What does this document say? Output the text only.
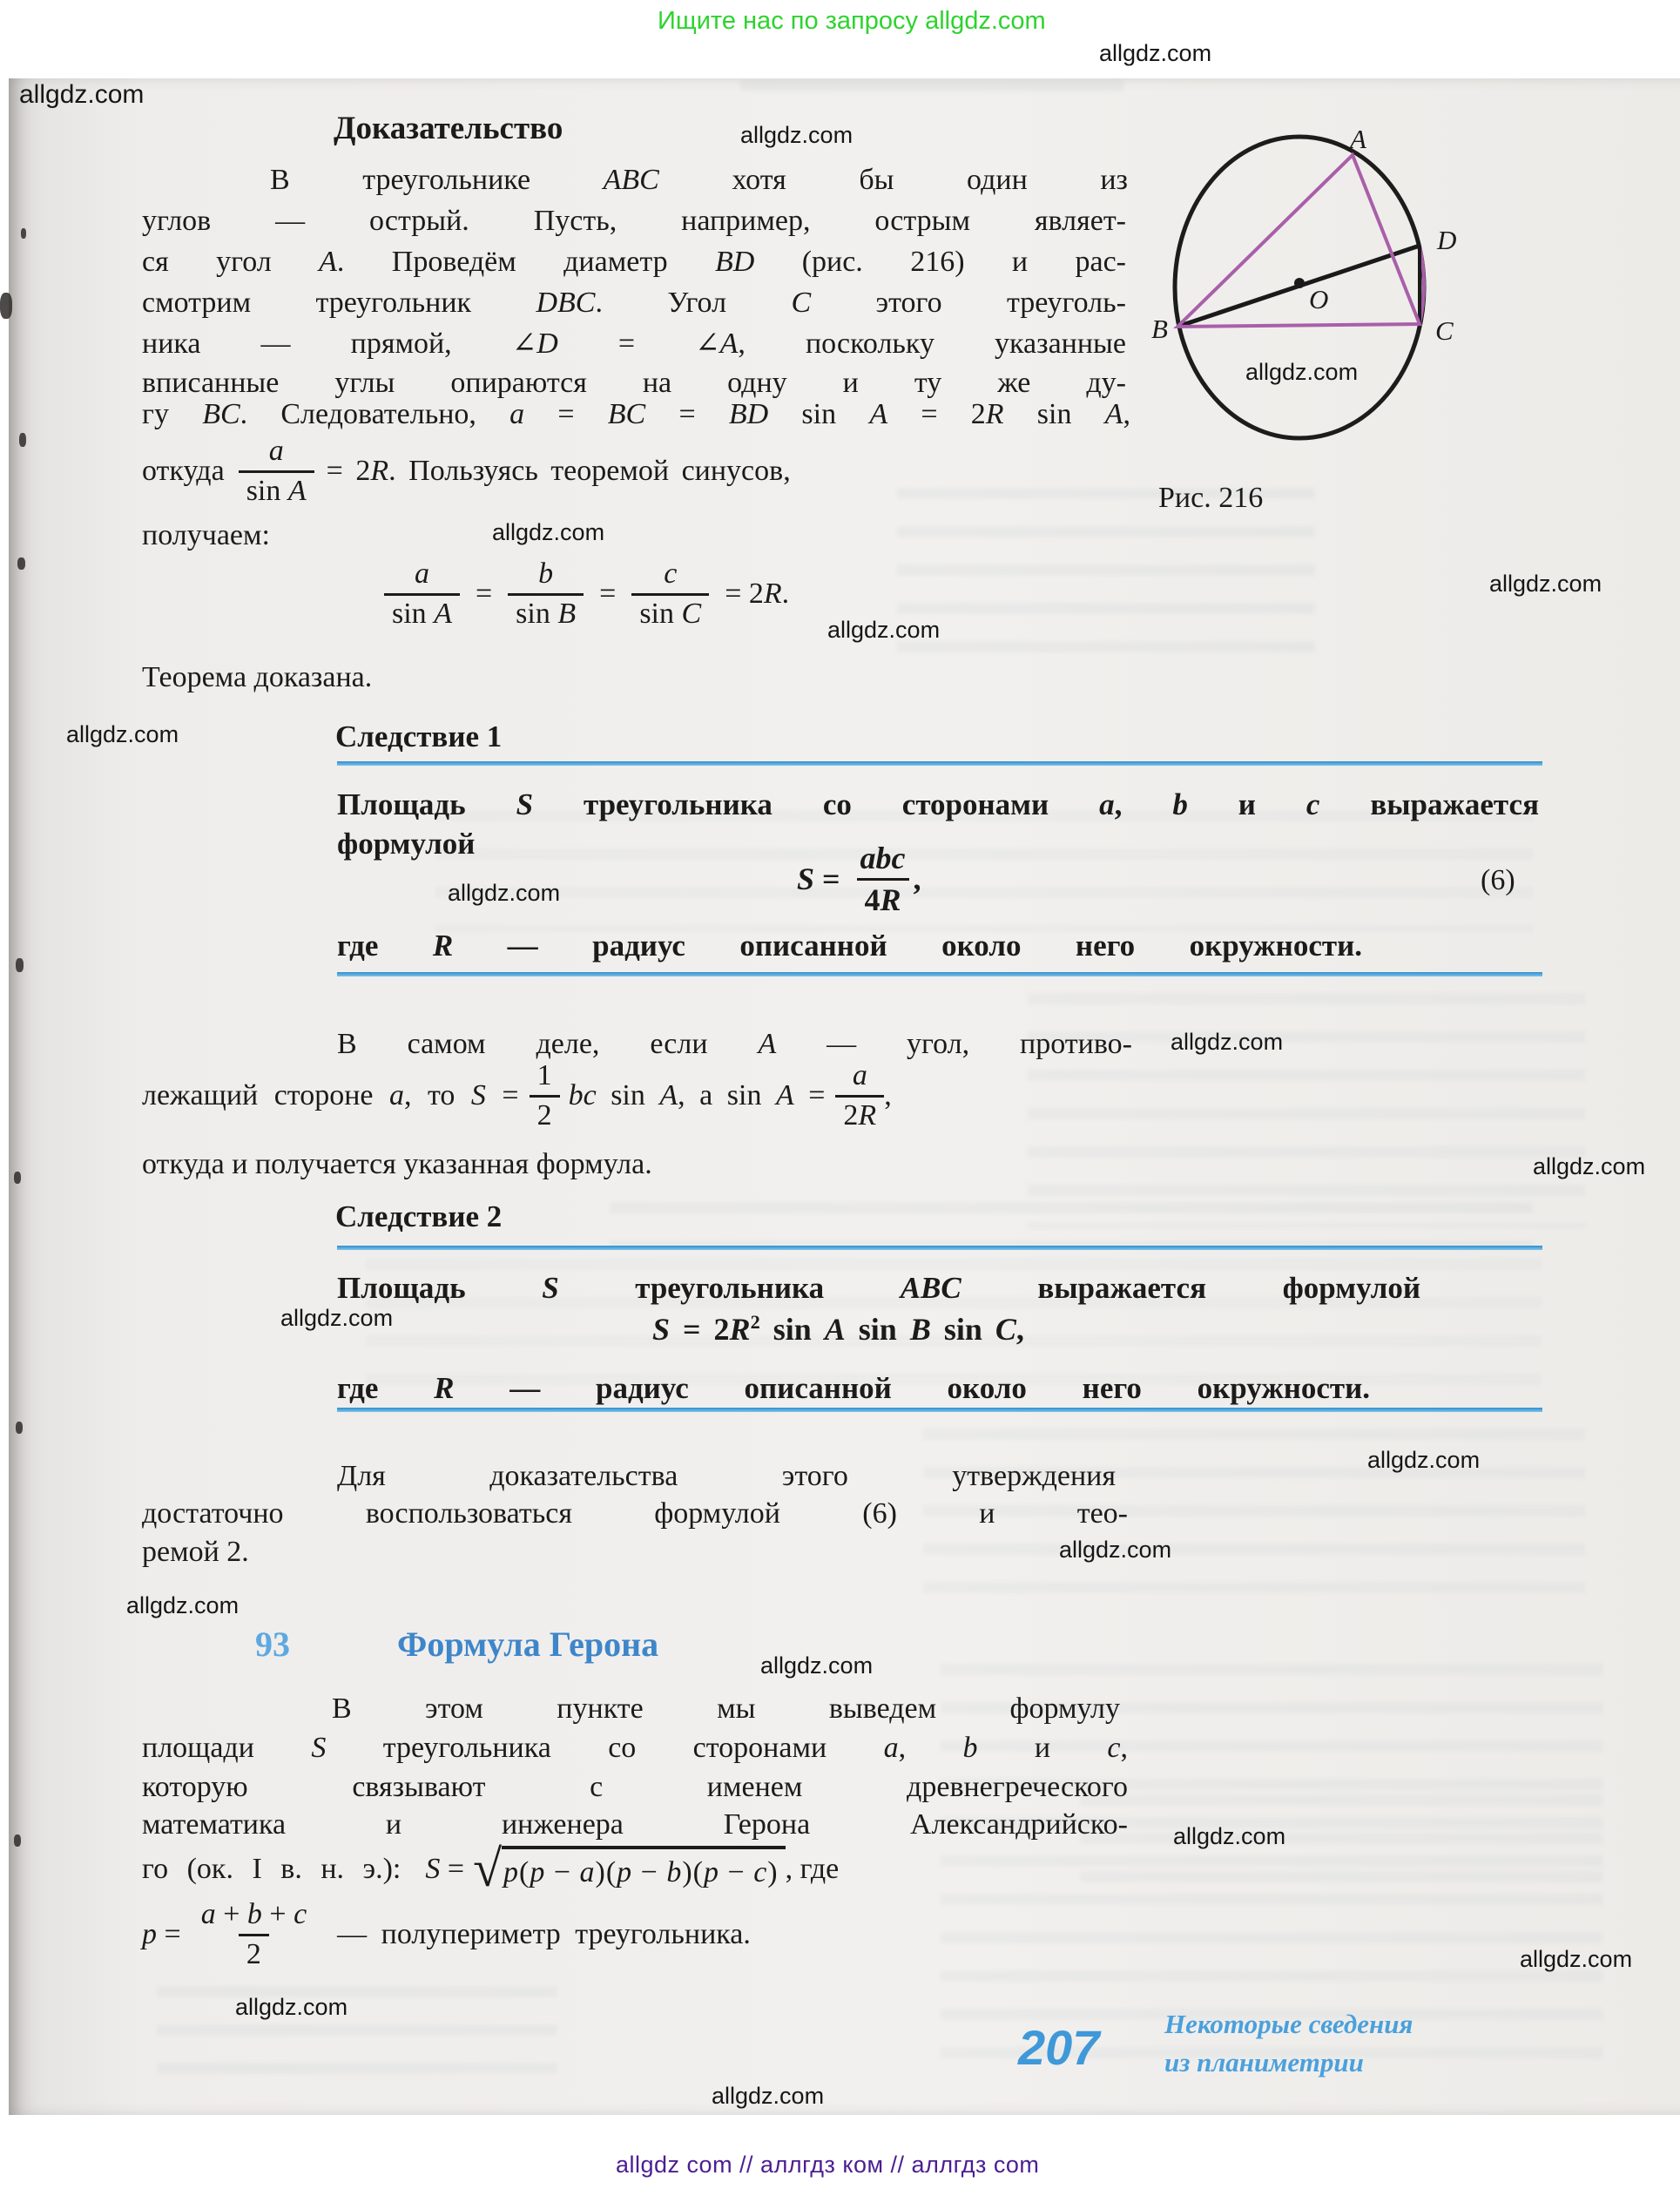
Ищите нас по запросу allgdz.com
allgdz.com
allgdz.com
allgdz.com
allgdz.com
allgdz.com
allgdz.com
allgdz.com
allgdz.com
allgdz.com
allgdz.com
allgdz.com
allgdz.com
allgdz.com
allgdz.com
allgdz.com
allgdz.com
allgdz.com
allgdz.com
allgdz.com
allgdz.com
Доказательство
В треугольнике ABC хотя бы один из
углов — острый. Пусть, например, острым являет-
ся угол A. Проведём диаметр BD (рис. 216) и рас-
смотрим треугольник DBC. Угол C этого треуголь-
ника — прямой, ∠D = ∠A, поскольку указанные
вписанные углы опираются на одну и ту же ду-
гу BC. Следовательно, a = BC = BD sin A = 2R sin A,
откуда $\frac{a}{\text{sin A}} = 2R$. Пользуясь теоремой синусов,
получаем:
$\frac{a}{\text{sin A}} = \frac{b}{\text{sin B}} = \frac{c}{\text{sin C}} = 2R$.
Теорема доказана.
A
B	C
D
O
Рис. 216
Следствие 1
Площадь S треугольника со сторонами a, b и c выражается
формулой
$S = \frac{\text{abc}}{4R}$ ,	(6)
где R — радиус описанной около него окружности.
В самом деле, если A — угол, противо-
лежащий стороне a, то $S = \frac{1}{2}$ bc sin A, а $\sin A = \frac{a}{2R}$ ,
откуда и получается указанная формула.
Следствие 2
Площадь S треугольника ABC выражается формулой
$S = 2R^2$ sin A sin B sin C,
где R — радиус описанной около него окружности.
Для доказательства этого утверждения
достаточно воспользоваться формулой (6) и тео-
ремой 2.
93	Формула Герона
В этом пункте мы выведем формулу
площади S треугольника со сторонами a, b и c,
которую связывают с именем древнегреческого
математика и инженера Герона Александрийско-
го (ок. I в. н. э.): S = √ p(p − a)(p − b)(p − c) , где
$p = \frac{a + b + c}{2}$ — полупериметр треугольника.
207 Некоторые сведения
из планиметрии
allgdz com // аллгдз ком // аллгдз com
